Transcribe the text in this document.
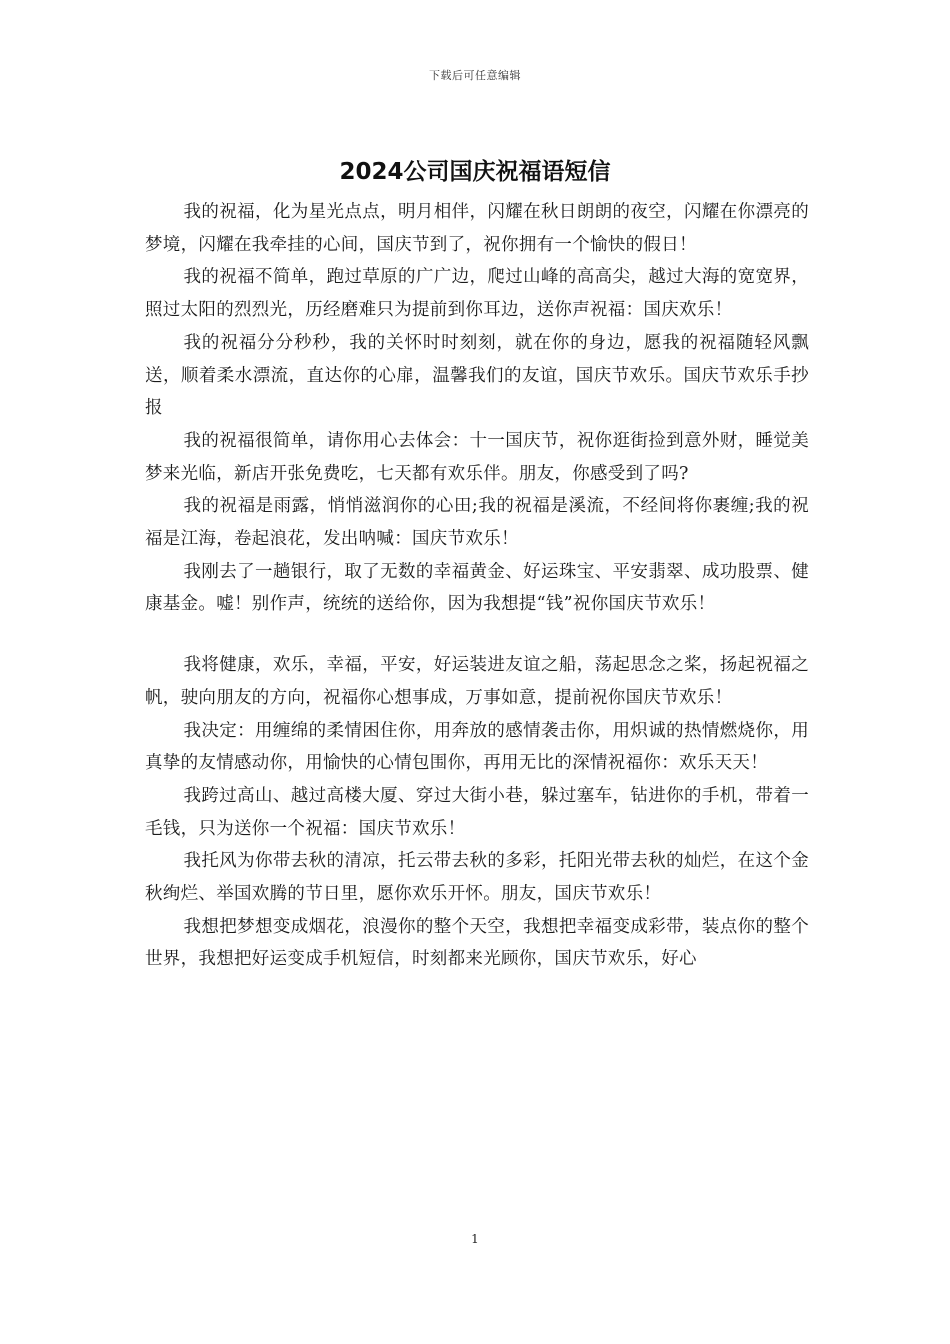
下载后可任意编辑
2024公司国庆祝福语短信

我的祝福，化为星光点点，明月相伴，闪耀在秋日朗朗的夜空，闪耀在你漂亮的梦境，闪耀在我牵挂的心间，国庆节到了，祝你拥有一个愉快的假日！

我的祝福不简单，跑过草原的广广边，爬过山峰的高高尖，越过大海的宽宽界，照过太阳的烈烈光，历经磨难只为提前到你耳边，送你声祝福：国庆欢乐！

我的祝福分分秒秒，我的关怀时时刻刻，就在你的身边，愿我的祝福随轻风飘送，顺着柔水漂流，直达你的心扉，温馨我们的友谊，国庆节欢乐。国庆节欢乐手抄报

我的祝福很简单，请你用心去体会：十一国庆节，祝你逛街捡到意外财，睡觉美梦来光临，新店开张免费吃，七天都有欢乐伴。朋友，你感受到了吗?

我的祝福是雨露，悄悄滋润你的心田;我的祝福是溪流，不经间将你裹缠;我的祝福是江海，卷起浪花，发出呐喊：国庆节欢乐！

我刚去了一趟银行，取了无数的幸福黄金、好运珠宝、平安翡翠、成功股票、健康基金。嘘！别作声，统统的送给你，因为我想提“钱”祝你国庆节欢乐！

我将健康，欢乐，幸福，平安，好运装进友谊之船，荡起思念之桨，扬起祝福之帆，驶向朋友的方向，祝福你心想事成，万事如意，提前祝你国庆节欢乐！

我决定：用缠绵的柔情困住你，用奔放的感情袭击你，用炽诚的热情燃烧你，用真挚的友情感动你，用愉快的心情包围你，再用无比的深情祝福你：欢乐天天！

我跨过高山、越过高楼大厦、穿过大街小巷，躲过塞车，钻进你的手机，带着一毛钱，只为送你一个祝福：国庆节欢乐！

我托风为你带去秋的清凉，托云带去秋的多彩，托阳光带去秋的灿烂，在这个金秋绚烂、举国欢腾的节日里，愿你欢乐开怀。朋友，国庆节欢乐！

我想把梦想变成烟花，浪漫你的整个天空，我想把幸福变成彩带，装点你的整个世界，我想把好运变成手机短信，时刻都来光顾你，国庆节欢乐，好心

1
